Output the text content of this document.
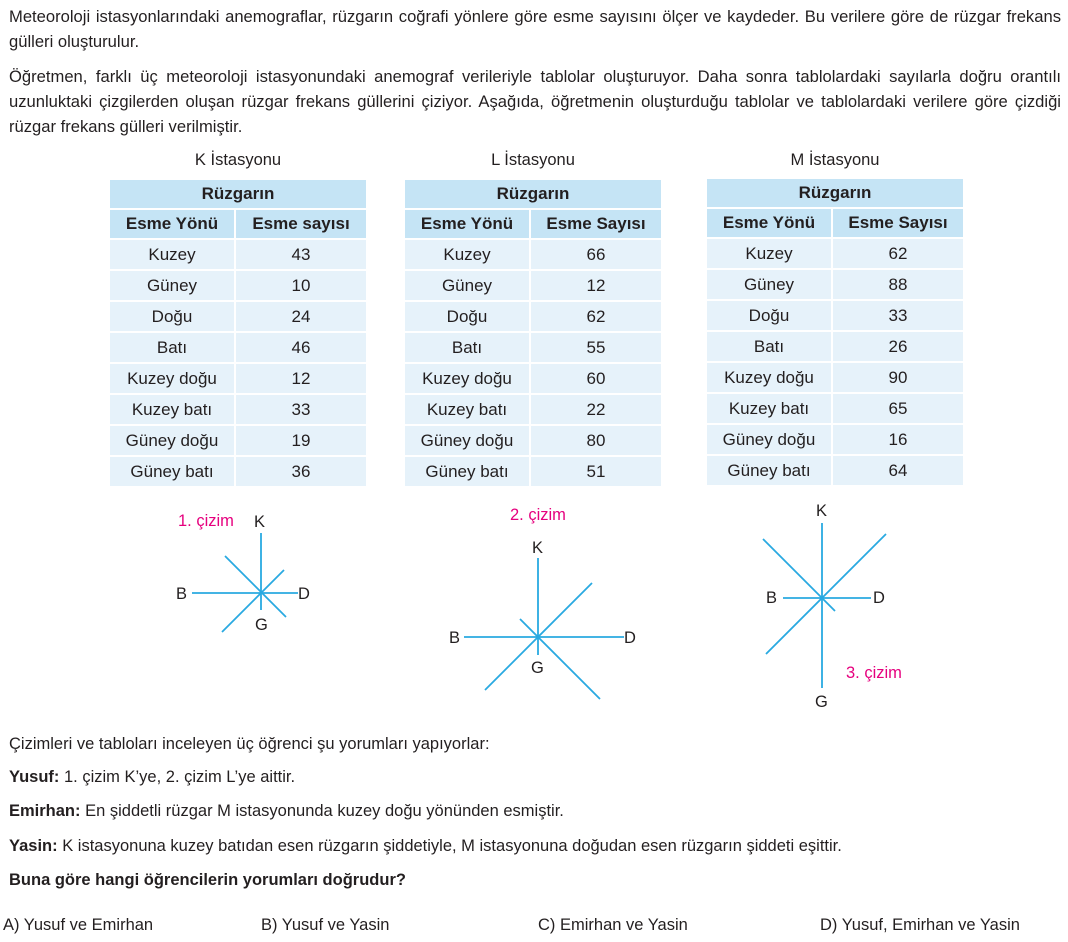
Meteoroloji istasyonlarındaki anemograflar, rüzgarın coğrafi yönlere göre esme sayısını ölçer ve kaydeder. Bu verilere göre de rüzgar frekans gülleri oluşturulur.
Öğretmen, farklı üç meteoroloji istasyonundaki anemograf verileriyle tablolar oluşturuyor. Daha sonra tablolardaki sayılarla doğru orantılı uzunluktaki çizgilerden oluşan rüzgar frekans güllerini çiziyor. Aşağıda, öğretmenin oluşturduğu tablolar ve tablolardaki verilere göre çizdiği rüzgar frekans gülleri verilmiştir.
K İstasyonu	L İstasyonu	M İstasyonu
Rüzgarın	
Esme Yönü	Esme sayısı
Kuzey	43
Güney	10
Doğu	24
Batı	46
Kuzey doğu	12
Kuzey batı	33
Güney doğu	19
Güney batı	36
Rüzgarın	
Esme Yönü	Esme Sayısı
Kuzey	66
Güney	12
Doğu	62
Batı	55
Kuzey doğu	60
Kuzey batı	22
Güney doğu	80
Güney batı	51
Rüzgarın	
Esme Yönü	Esme Sayısı
Kuzey	62
Güney	88
Doğu	33
Batı	26
Kuzey doğu	90
Kuzey batı	65
Güney doğu	16
Güney batı	64
K
G
D
B
K
G
D
B
K
G
D
B
1. çizim	2. çizim
3. çizim
Çizimleri ve tabloları inceleyen üç öğrenci şu yorumları yapıyorlar:
Yusuf: 1. çizim K’ye, 2. çizim L’ye aittir.
Emirhan: En şiddetli rüzgar M istasyonunda kuzey doğu yönünden esmiştir.
Yasin: K istasyonuna kuzey batıdan esen rüzgarın şiddetiyle, M istasyonuna doğudan esen rüzgarın şiddeti eşittir.
Buna göre hangi öğrencilerin yorumları doğrudur?
A) Yusuf ve Emirhan	B) Yusuf ve Yasin	C) Emirhan ve Yasin	D) Yusuf, Emirhan ve Yasin
